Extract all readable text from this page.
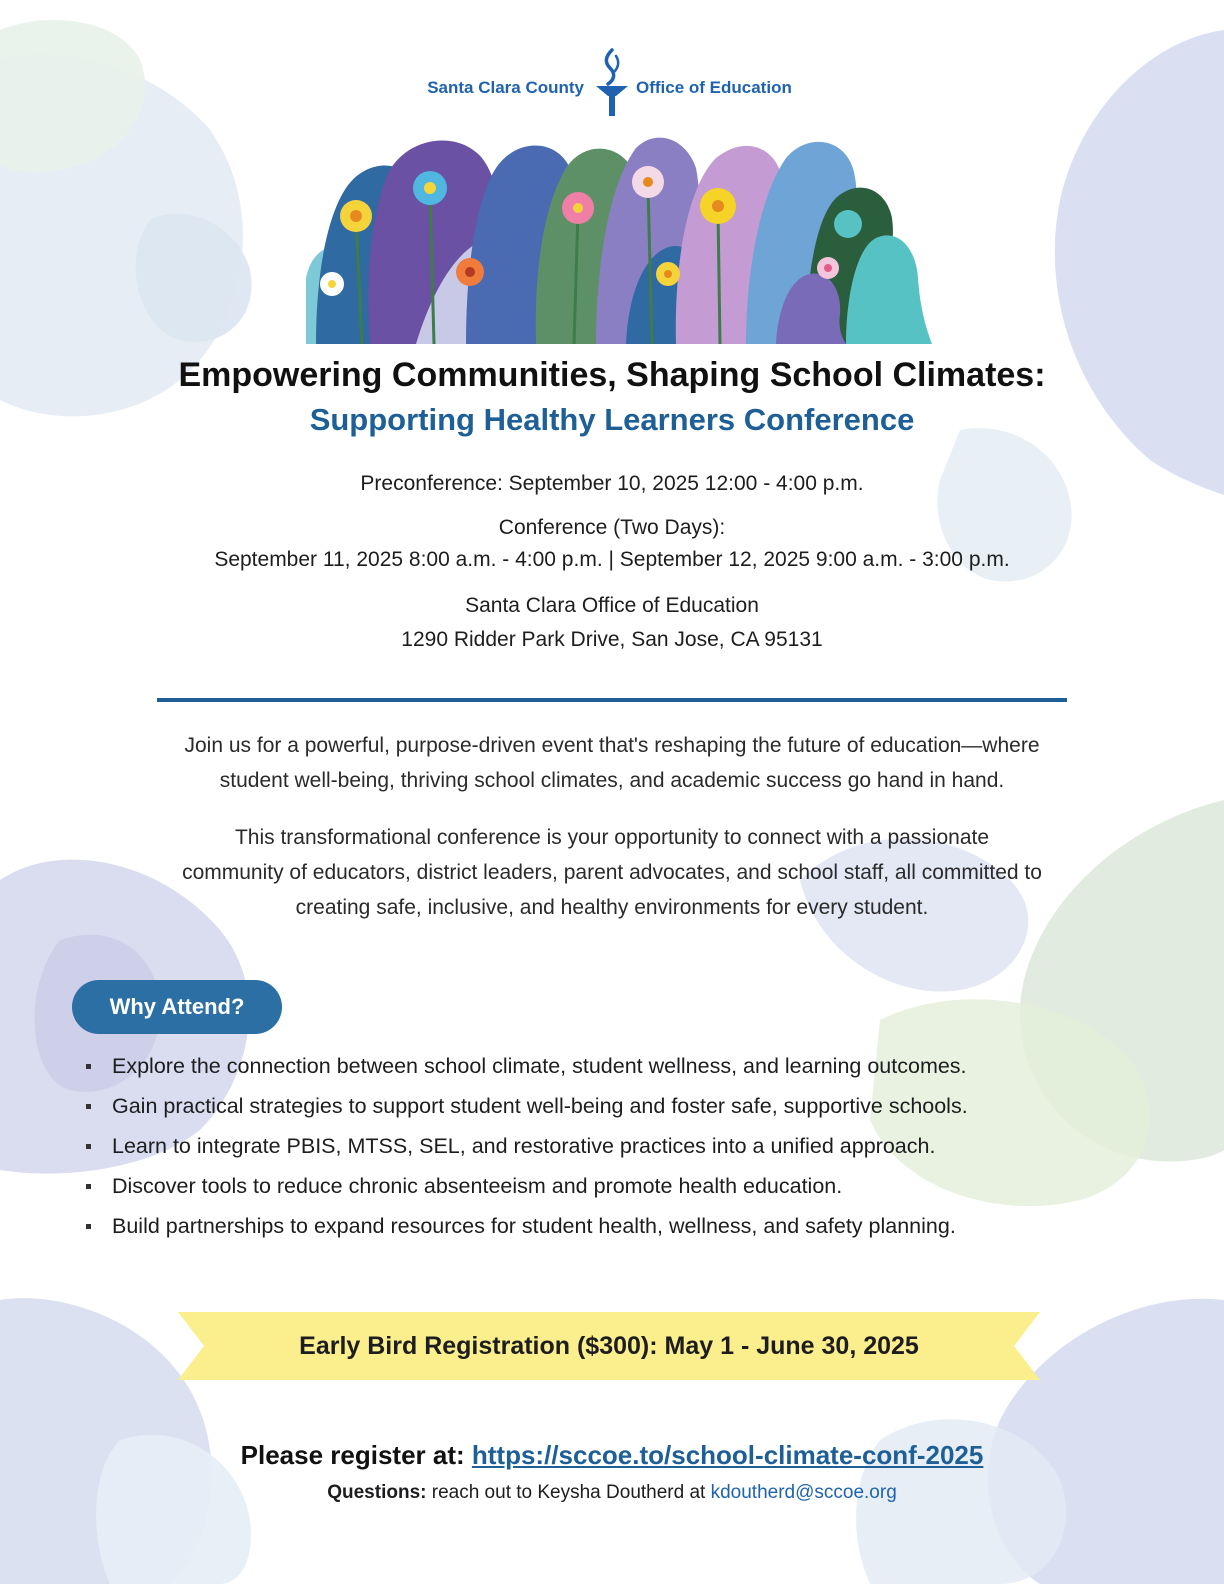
Santa Clara County	Office of Education
Empowering Communities, Shaping School Climates:
Supporting Healthy Learners Conference
Preconference: September 10, 2025 12:00 - 4:00 p.m.
Conference (Two Days):
September 11, 2025 8:00 a.m. - 4:00 p.m. | September 12, 2025 9:00 a.m. - 3:00 p.m.
Santa Clara Office of Education
1290 Ridder Park Drive, San Jose, CA 95131
Join us for a powerful, purpose-driven event that's reshaping the future of education—where
student well-being, thriving school climates, and academic success go hand in hand.
This transformational conference is your opportunity to connect with a passionate
community of educators, district leaders, parent advocates, and school staff, all committed to
creating safe, inclusive, and healthy environments for every student.
Why Attend?
Explore the connection between school climate, student wellness, and learning outcomes.
Gain practical strategies to support student well-being and foster safe, supportive schools.
Learn to integrate PBIS, MTSS, SEL, and restorative practices into a unified approach.
Discover tools to reduce chronic absenteeism and promote health education.
Build partnerships to expand resources for student health, wellness, and safety planning.
Early Bird Registration ($300): May 1 - June 30, 2025
Please register at: https://sccoe.to/school-climate-conf-2025
Questions: reach out to Keysha Doutherd at kdoutherd@sccoe.org
